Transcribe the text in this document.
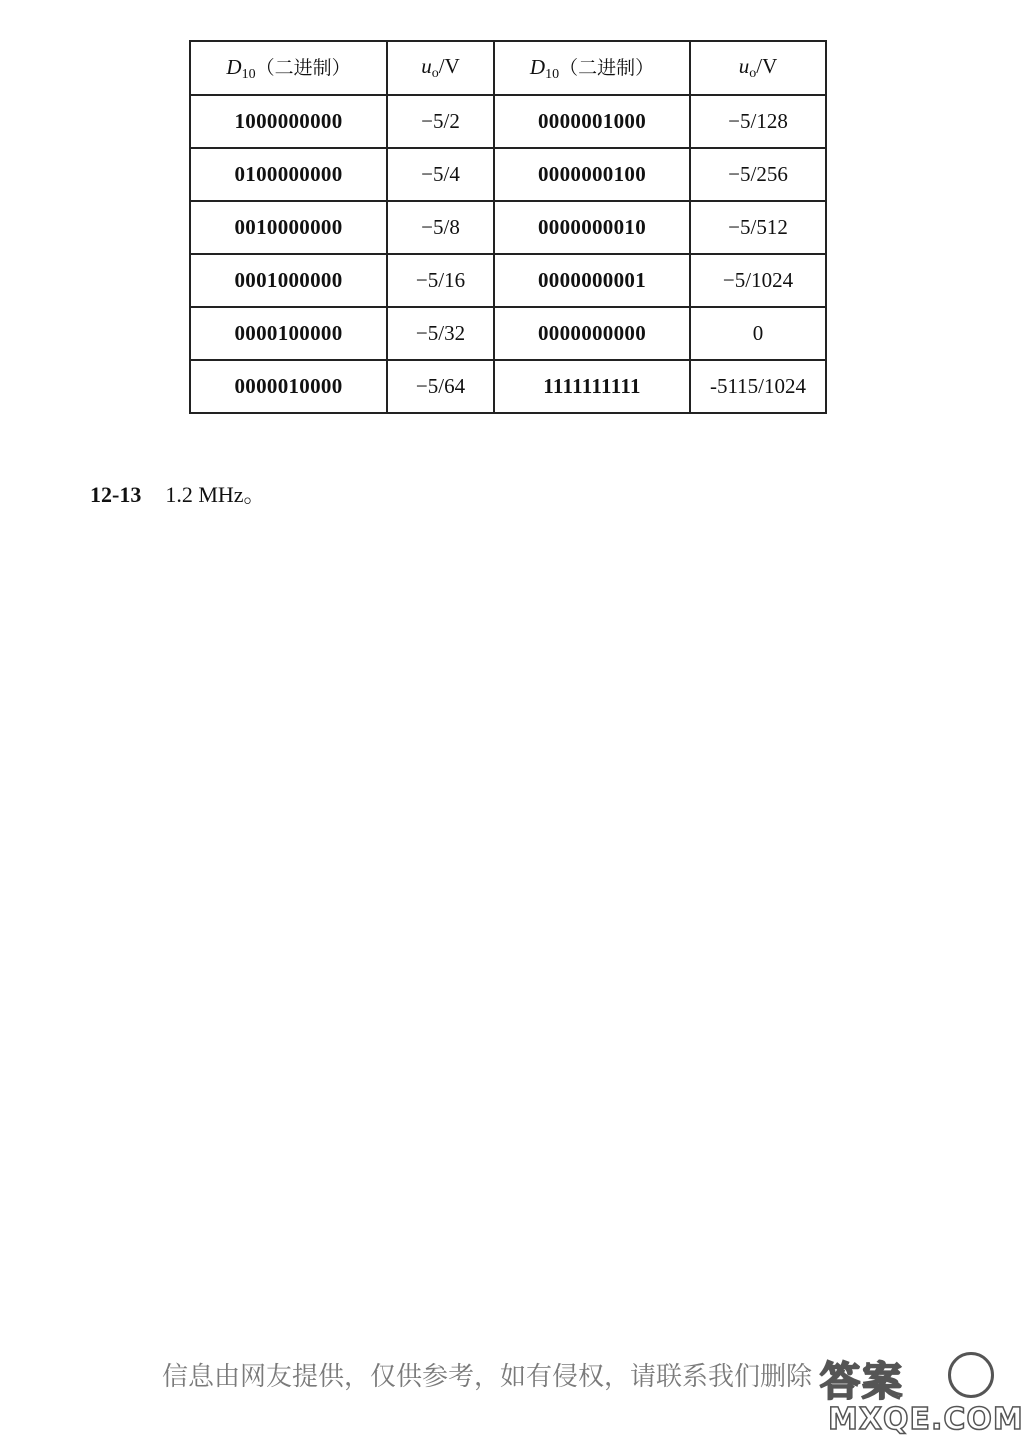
$D_{10}$（二进制）	$u_o/V$	$D_{10}$（二进制）	$u_o/V$
1000000000	−5/2	0000001000	−5/128
0100000000	−5/4	0000000100	−5/256
0010000000	−5/8	0000000010	−5/512
0001000000	−5/16	0000000001	−5/1024
0000100000	−5/32	0000000000	0
0000010000	−5/64	1111111111	-5115/1024
12-13 1.2 MHz。
信息由网友提供，仅供参考，如有侵权，请联系我们删除 答案
MXQE.COM
